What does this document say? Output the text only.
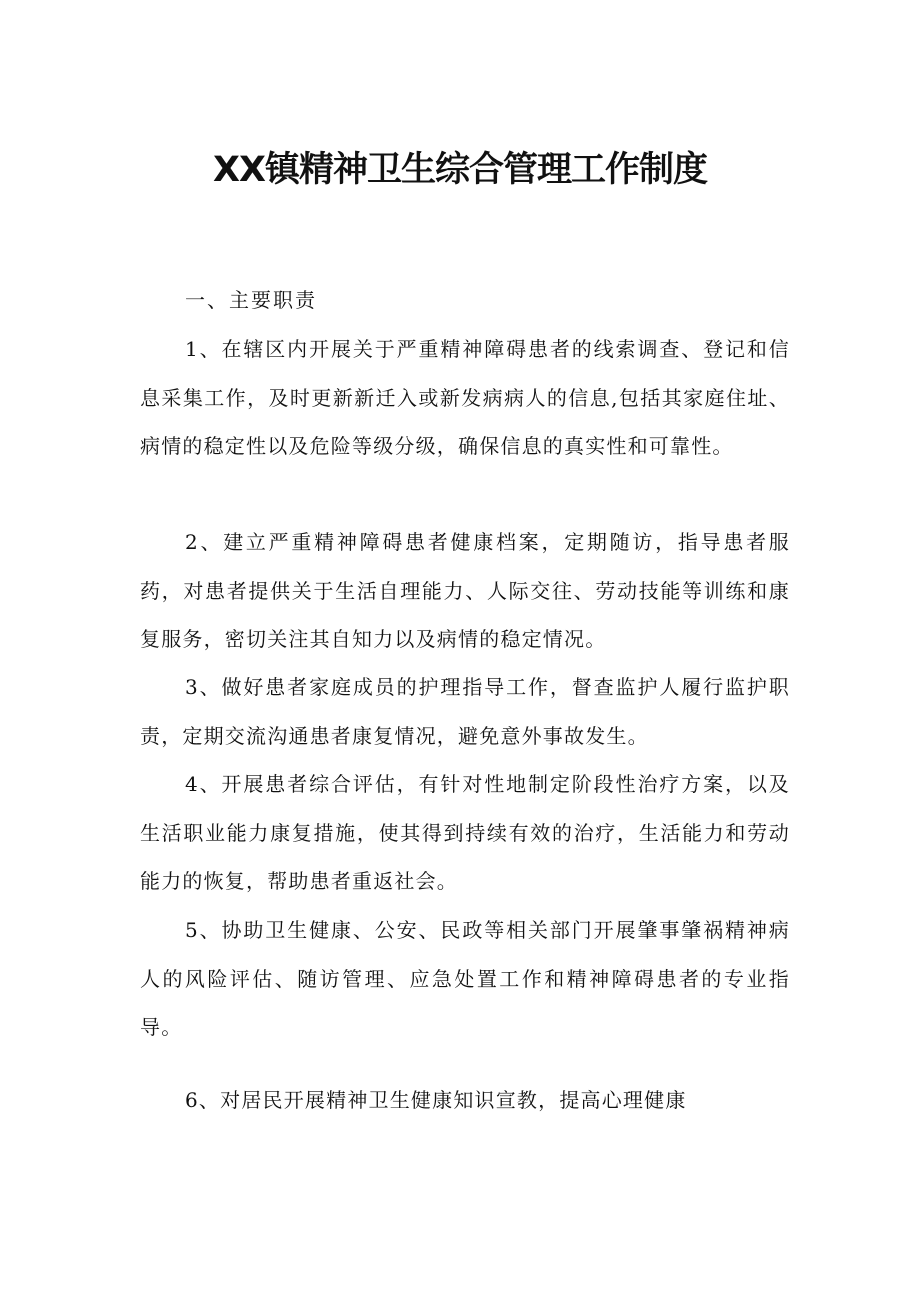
XX镇精神卫生综合管理工作制度

一、主要职责

1、在辖区内开展关于严重精神障碍患者的线索调查、登记和信息采集工作，及时更新新迁入或新发病病人的信息,包括其家庭住址、病情的稳定性以及危险等级分级，确保信息的真实性和可靠性。

2、建立严重精神障碍患者健康档案，定期随访，指导患者服药，对患者提供关于生活自理能力、人际交往、劳动技能等训练和康复服务，密切关注其自知力以及病情的稳定情况。

3、做好患者家庭成员的护理指导工作，督查监护人履行监护职责，定期交流沟通患者康复情况，避免意外事故发生。

4、开展患者综合评估，有针对性地制定阶段性治疗方案，以及生活职业能力康复措施，使其得到持续有效的治疗，生活能力和劳动能力的恢复，帮助患者重返社会。

5、协助卫生健康、公安、民政等相关部门开展肇事肇祸精神病人的风险评估、随访管理、应急处置工作和精神障碍患者的专业指导。

6、对居民开展精神卫生健康知识宣教，提高心理健康
